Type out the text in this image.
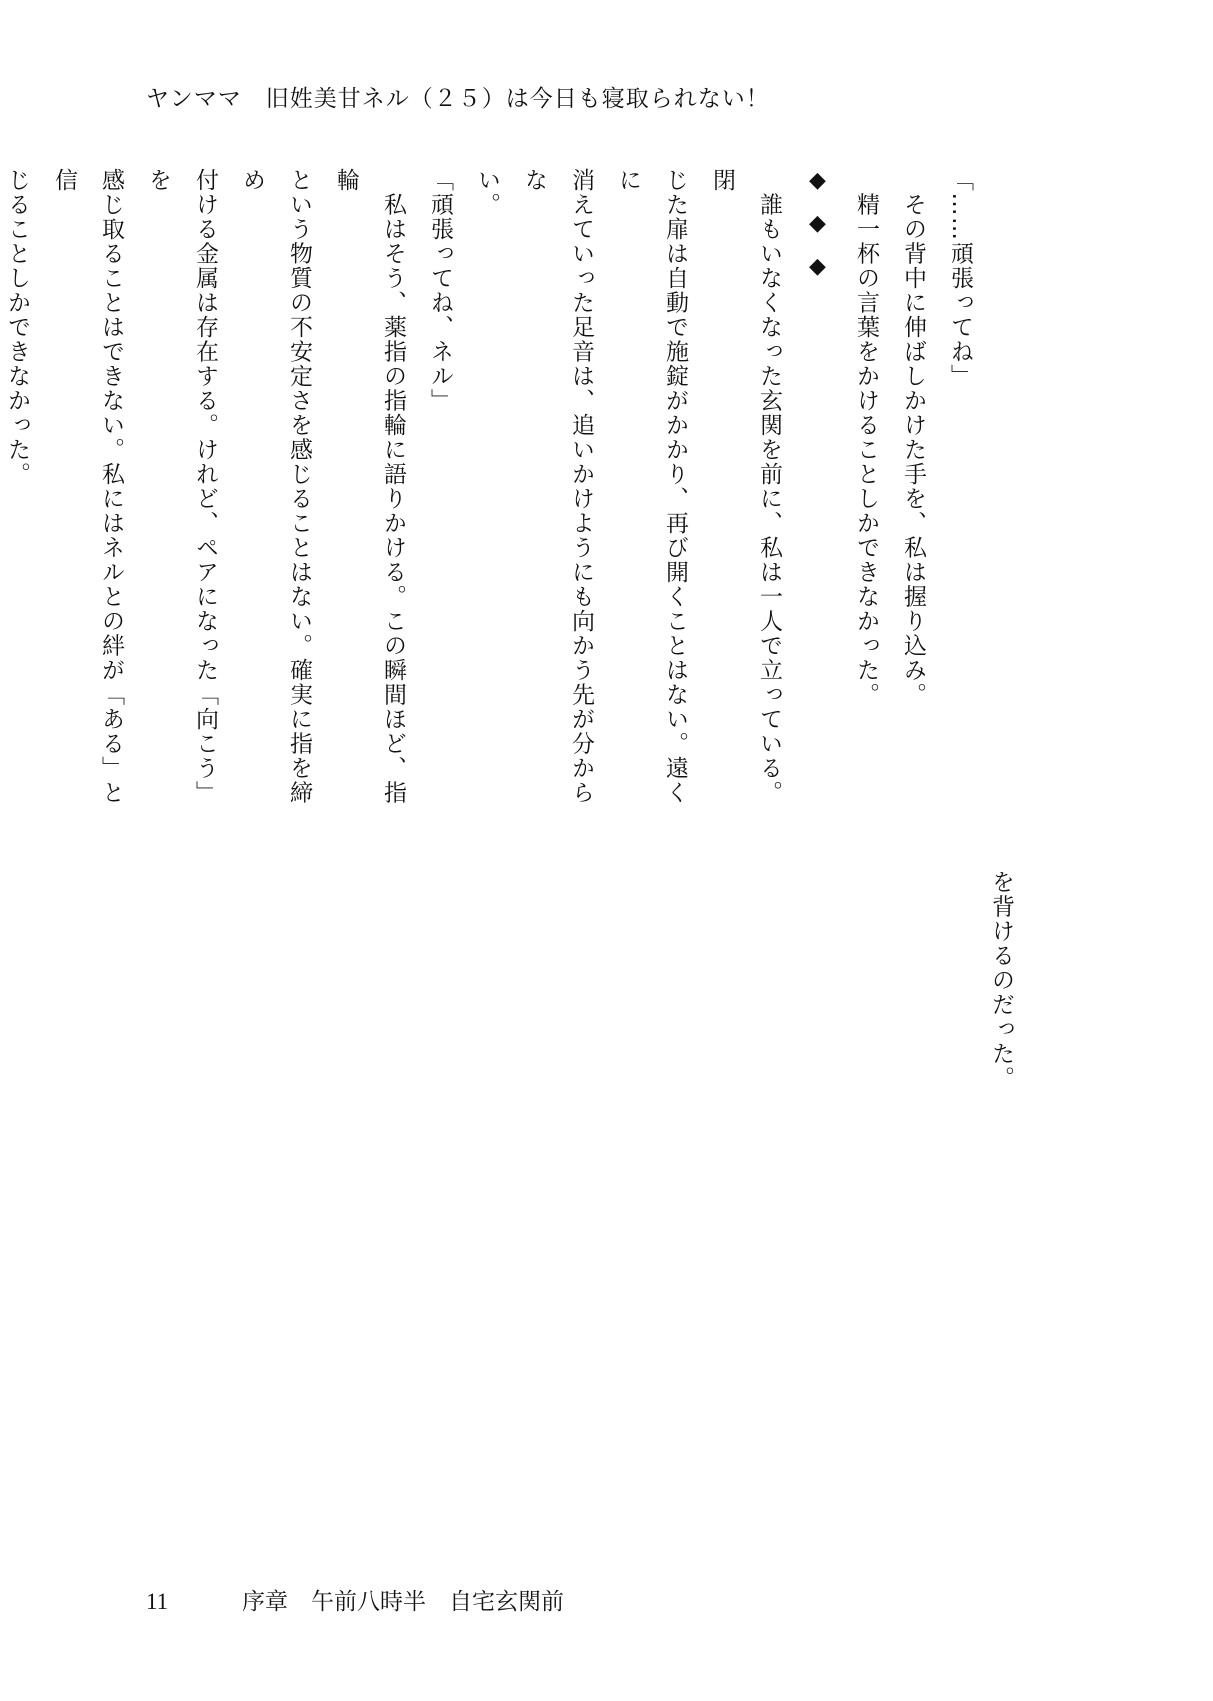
ヤンママ　旧姓美甘ネル（２５）は今日も寝取られない！

「……頑張ってね」

　その背中に伸ばしかけた手を、私は握り込み。

　精一杯の言葉をかけることしかできなかった。

◆◆◆

　誰もいなくなった玄関を前に、私は一人で立っている。閉

じた扉は自動で施錠がかかり、再び開くことはない。遠くに

消えていった足音は、追いかけようにも向かう先が分からな

い。

「頑張ってね、ネル」

　私はそう、薬指の指輪に語りかける。この瞬間ほど、指輪

という物質の不安定さを感じることはない。確実に指を締め

付ける金属は存在する。けれど、ペアになった「向こう」を

感じ取ることはできない。私にはネルとの絆が「ある」と信

じることしかできなかった。

を背けるのだった。
11	序章　午前八時半　自宅玄関前
